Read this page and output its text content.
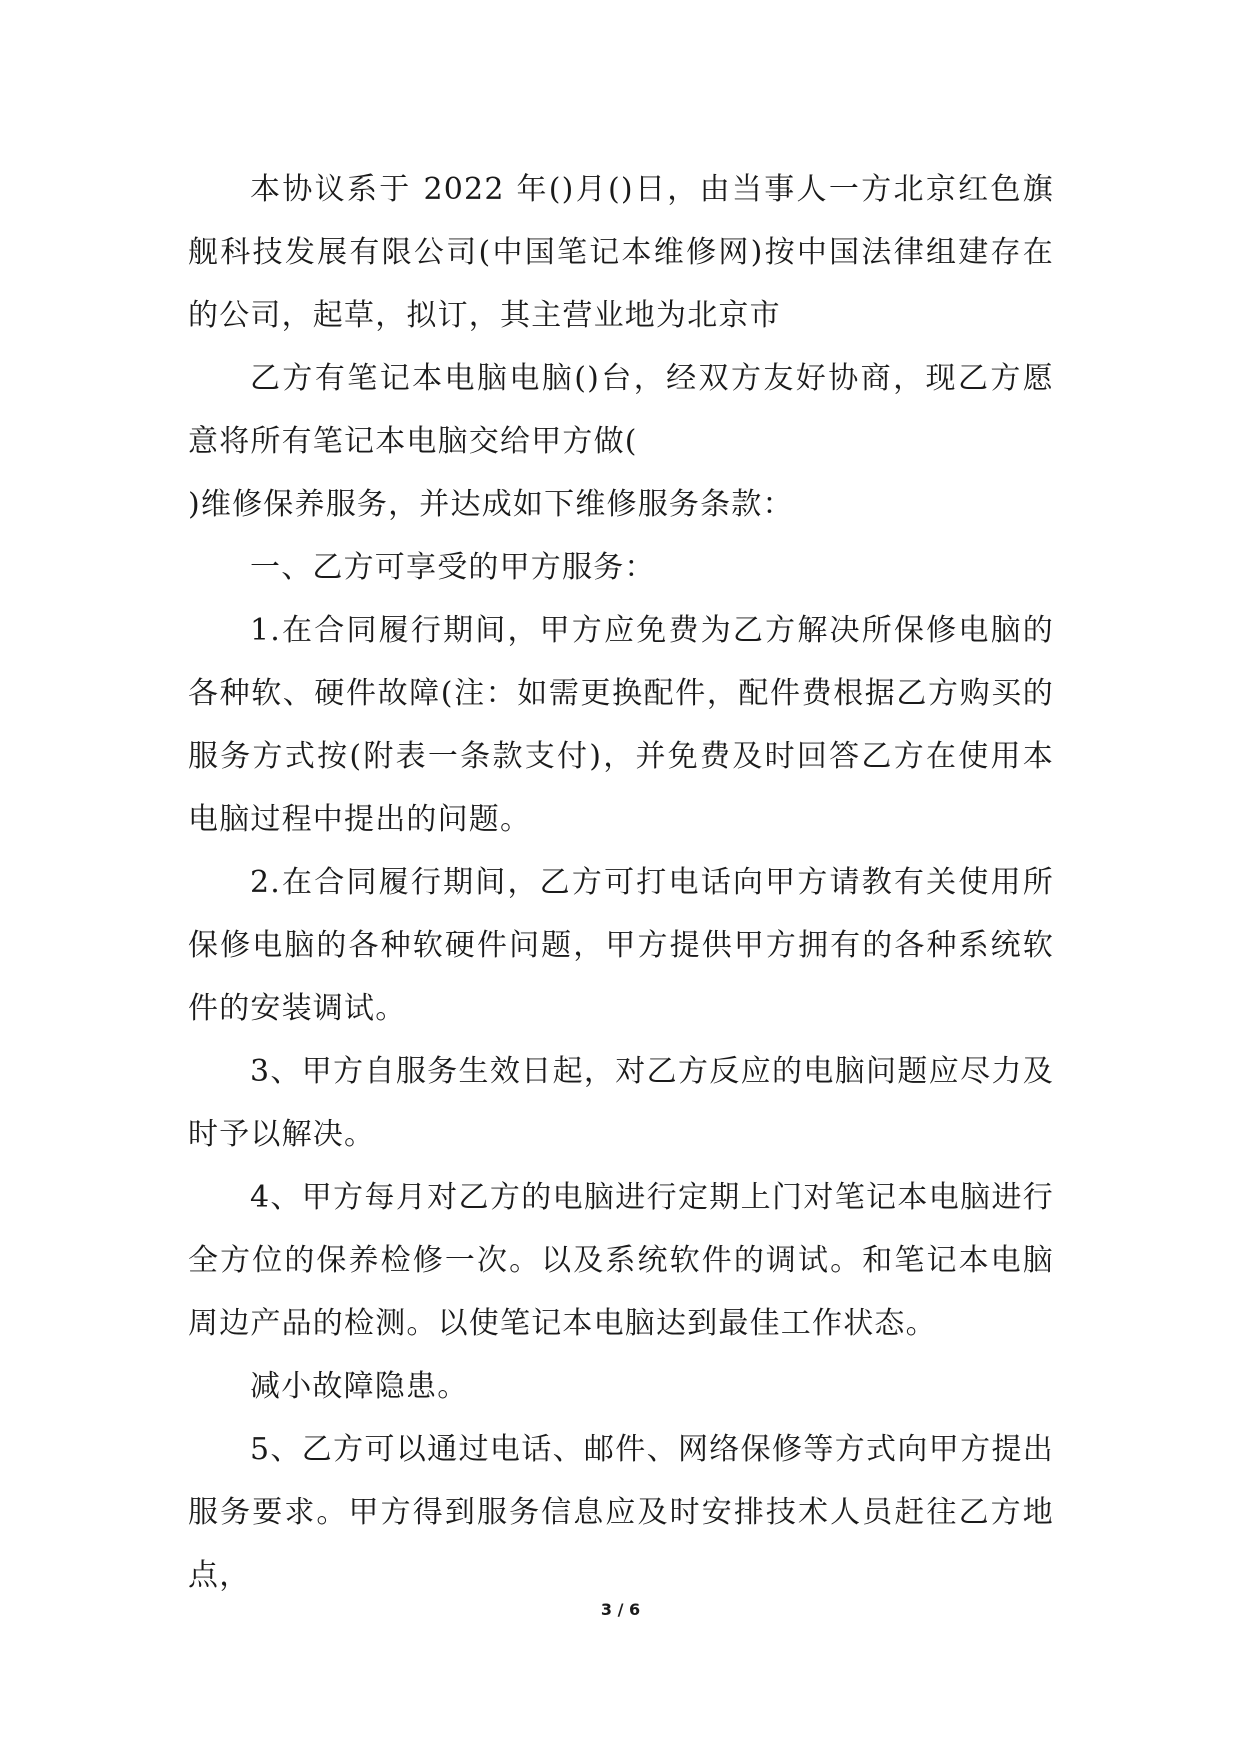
本协议系于 2022 年()月()日，由当事人一方北京红色旗舰科技发展有限公司(中国笔记本维修网)按中国法律组建存在的公司，起草，拟订，其主营业地为北京市

乙方有笔记本电脑电脑()台，经双方友好协商，现乙方愿意将所有笔记本电脑交给甲方做(

)维修保养服务，并达成如下维修服务条款：

一、乙方可享受的甲方服务：

1.在合同履行期间，甲方应免费为乙方解决所保修电脑的各种软、硬件故障(注：如需更换配件，配件费根据乙方购买的服务方式按(附表一条款支付)，并免费及时回答乙方在使用本电脑过程中提出的问题。

2.在合同履行期间，乙方可打电话向甲方请教有关使用所保修电脑的各种软硬件问题，甲方提供甲方拥有的各种系统软件的安装调试。

3、甲方自服务生效日起，对乙方反应的电脑问题应尽力及时予以解决。

4、甲方每月对乙方的电脑进行定期上门对笔记本电脑进行全方位的保养检修一次。以及系统软件的调试。和笔记本电脑周边产品的检测。以使笔记本电脑达到最佳工作状态。

减小故障隐患。

5、乙方可以通过电话、邮件、网络保修等方式向甲方提出服务要求。甲方得到服务信息应及时安排技术人员赶往乙方地点，

3 / 6
